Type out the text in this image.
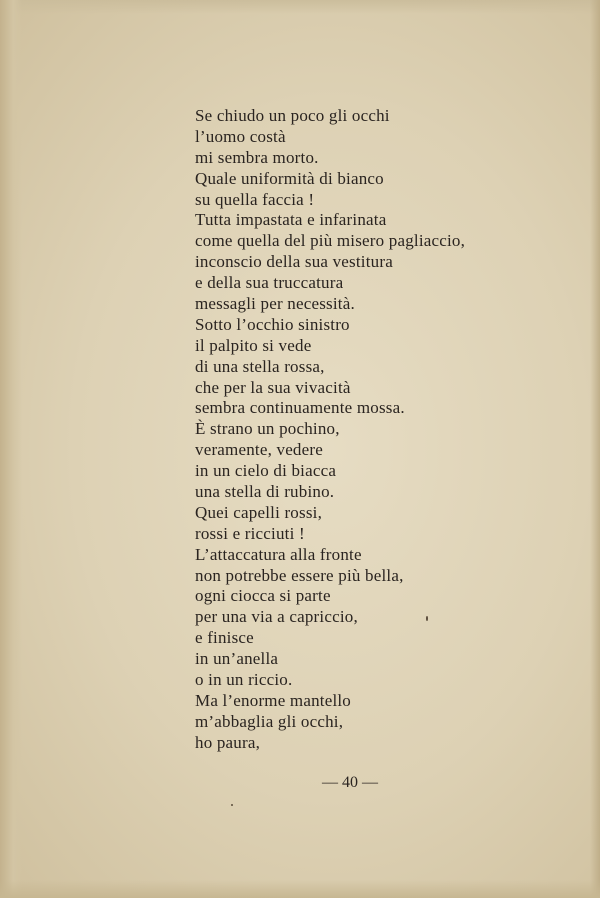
Se chiudo un poco gli occhi
l’uomo costà
mi sembra morto.
Quale uniformità di bianco
su quella faccia !
Tutta impastata e infarinata
come quella del più misero pagliaccio,
inconscio della sua vestitura
e della sua truccatura
messagli per necessità.
Sotto l’occhio sinistro
il palpito si vede
di una stella rossa,
che per la sua vivacità
sembra continuamente mossa.
È strano un pochino,
veramente, vedere
in un cielo di biacca
una stella di rubino.
Quei capelli rossi,
rossi e ricciuti !
L’attaccatura alla fronte
non potrebbe essere più bella,
ogni ciocca si parte
per una via a capriccio,
e finisce
in un’anella
o in un riccio.
Ma l’enorme mantello
m’abbaglia gli occhi,
ho paura,
— 40 —
